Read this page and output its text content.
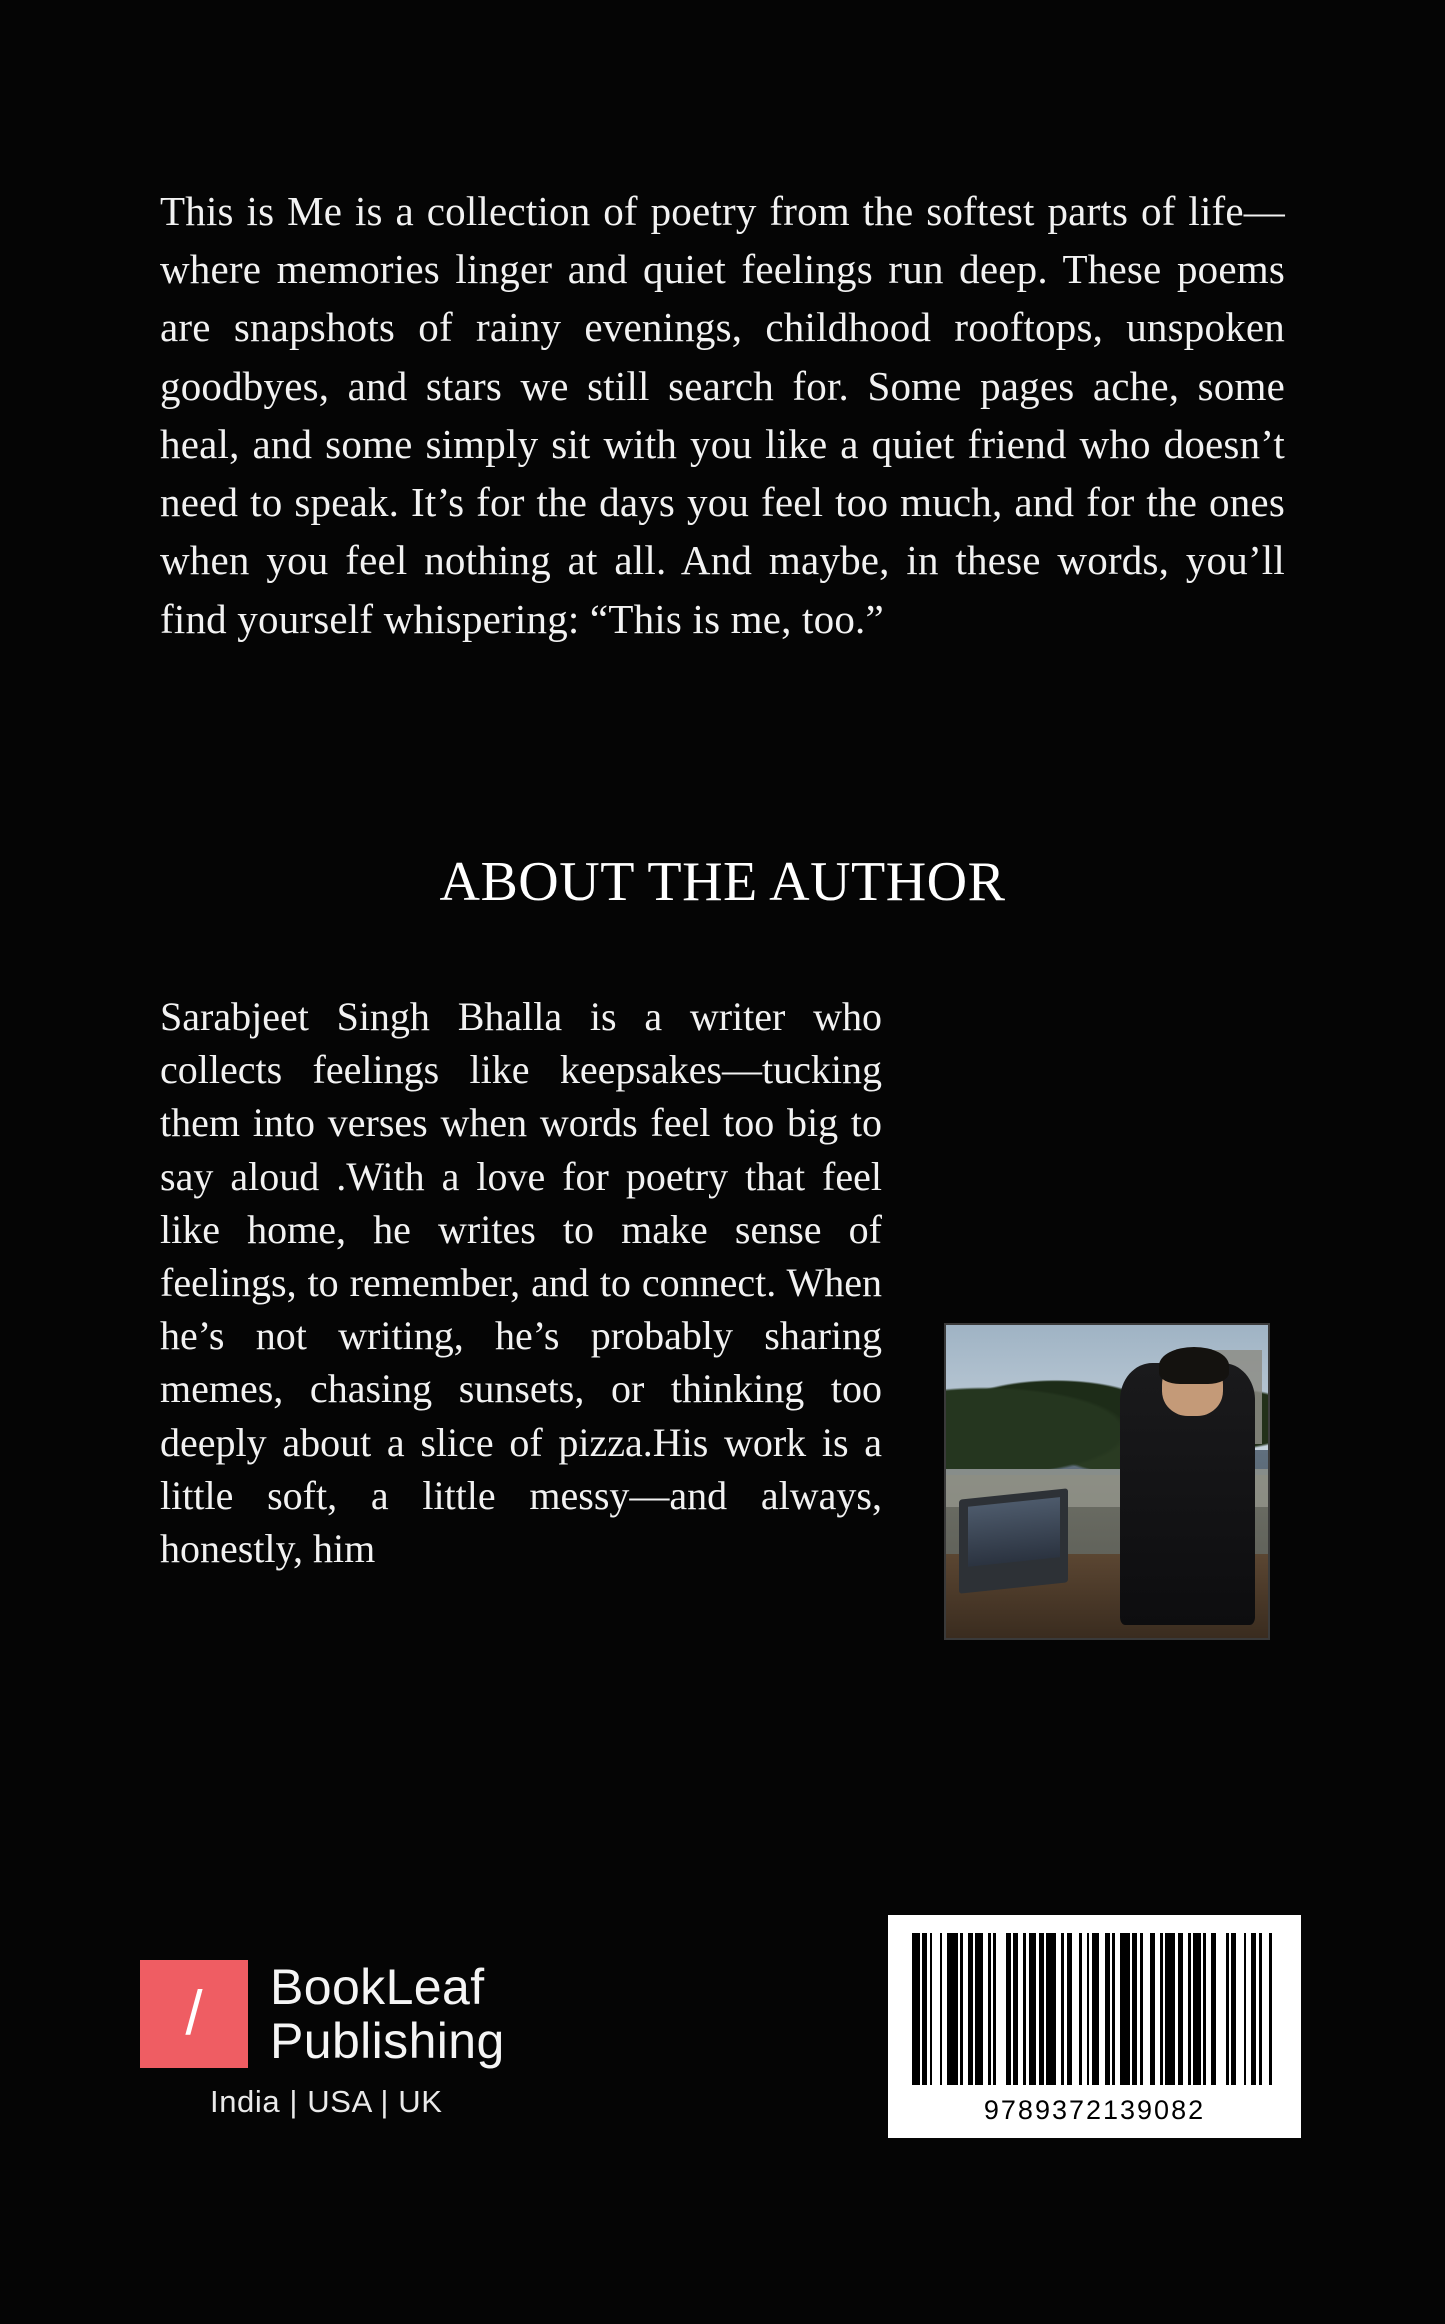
This is Me is a collection of poetry from the softest parts of life—where memories linger and quiet feelings run deep. These poems are snapshots of rainy evenings, childhood rooftops, unspoken goodbyes, and stars we still search for. Some pages ache, some heal, and some simply sit with you like a quiet friend who doesn’t need to speak. It’s for the days you feel too much, and for the ones when you feel nothing at all. And maybe, in these words, you’ll find yourself whispering: “This is me, too.”

ABOUT THE AUTHOR

Sarabjeet Singh Bhalla is a writer who collects feelings like keepsakes—tucking them into verses when words feel too big to say aloud .With a love for poetry that feel like home, he writes to make sense of feelings, to remember, and to connect. When he’s not writing, he’s probably sharing memes, chasing sunsets, or thinking too deeply about a slice of pizza.His work is a little soft, a little messy—and always, honestly, him

/ BookLeaf
Publishing
India | USA | UK	9789372139082
